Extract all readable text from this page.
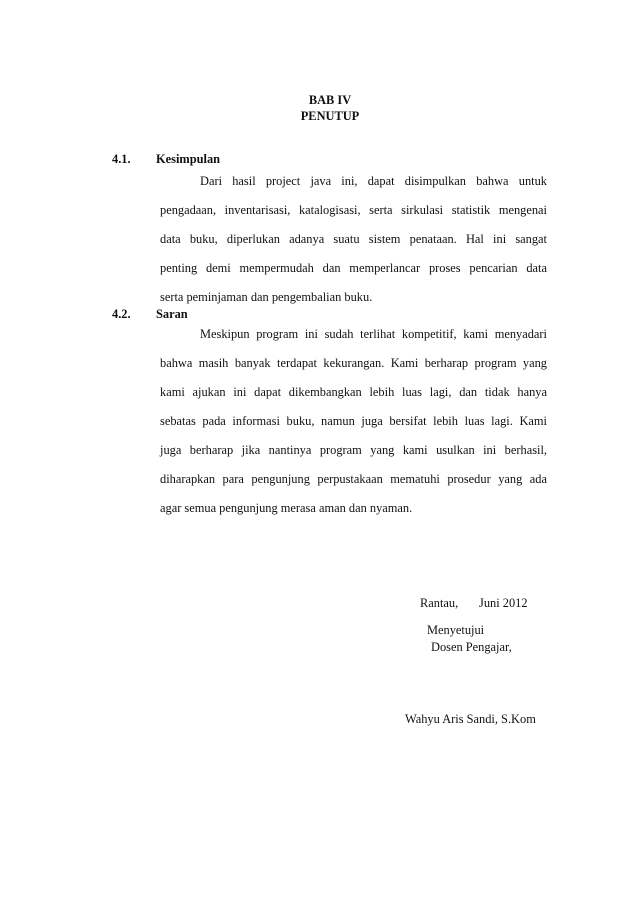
BAB IV
PENUTUP
4.1. Kesimpulan
Dari hasil project java ini, dapat disimpulkan bahwa untuk
pengadaan, inventarisasi, katalogisasi, serta sirkulasi statistik mengenai
data buku, diperlukan adanya suatu sistem penataan. Hal ini sangat
penting demi mempermudah dan memperlancar proses pencarian data
serta peminjaman dan pengembalian buku.
4.2. Saran
Meskipun program ini sudah terlihat kompetitif, kami menyadari
bahwa masih banyak terdapat kekurangan. Kami berharap program yang
kami ajukan ini dapat dikembangkan lebih luas lagi, dan tidak hanya
sebatas pada informasi buku, namun juga bersifat lebih luas lagi. Kami
juga berharap jika nantinya program yang kami usulkan ini berhasil,
diharapkan para pengunjung perpustakaan mematuhi prosedur yang ada
agar semua pengunjung merasa aman dan nyaman.
Rantau, Juni 2012
Menyetujui
Dosen Pengajar,
Wahyu Aris Sandi, S.Kom
